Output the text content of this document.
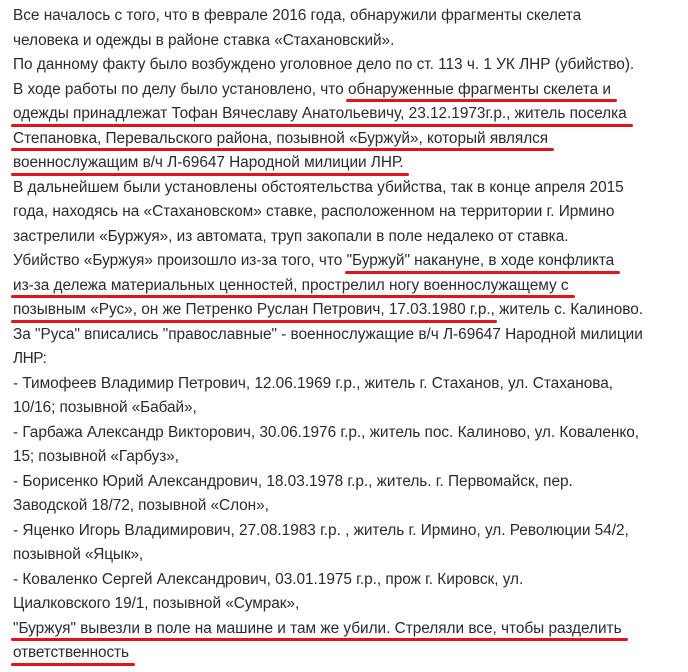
Все началось с того, что в феврале 2016 года, обнаружили фрагменты скелета
человека и одежды в районе ставка «Стахановский».
По данному факту было возбуждено уголовное дело по ст. 113 ч. 1 УК ЛНР (убийство).
В ходе работы по делу было установлено, что обнаруженные фрагменты скелета и
одежды принадлежат Тофан Вячеславу Анатольевичу, 23.12.1973г.р., житель поселка
Степановка, Перевальского района, позывной «Буржуй», который являлся
военнослужащим в/ч Л-69647 Народной милиции ЛНР.
В дальнейшем были установлены обстоятельства убийства, так в конце апреля 2015
года, находясь на «Стахановском» ставке, расположенном на территории г. Ирмино
застрелили «Буржуя», из автомата, труп закопали в поле недалеко от ставка.
Убийство «Буржуя» произошло из-за того, что "Буржуй" накануне, в ходе конфликта
из-за дележа материальных ценностей, прострелил ногу военнослужащему с
позывным «Рус», он же Петренко Руслан Петрович, 17.03.1980 г.р.
, житель с. Калиново.
За "Руса" вписались "православные" - военнослужащие в/ч Л-69647 Народной милиции
ЛНР:
- Тимофеев Владимир Петрович, 12.06.1969 г.р., житель г. Стаханов, ул. Стаханова,
10/16; позывной «Бабай»,
- Гарбажа Александр Викторович, 30.06.1976 г.р., житель пос. Калиново, ул. Коваленко,
15; позывной «Гарбуз»,
- Борисенко Юрий Александрович, 18.03.1978 г.р., житель. г. Первомайск, пер.
Заводской 18/72, позывной «Слон»,
- Яценко Игорь Владимирович, 27.08.1983 г.р. , житель г. Ирмино, ул. Революции 54/2,
позывной «Яцык»,
- Коваленко Сергей Александрович, 03.01.1975 г.р., прож г. Кировск, ул.
Циалковского 19/1, позывной «Сумрак»,
"Буржуя" вывезли в поле на машине и там же убили. Стреляли все, чтобы разделить
ответственность
